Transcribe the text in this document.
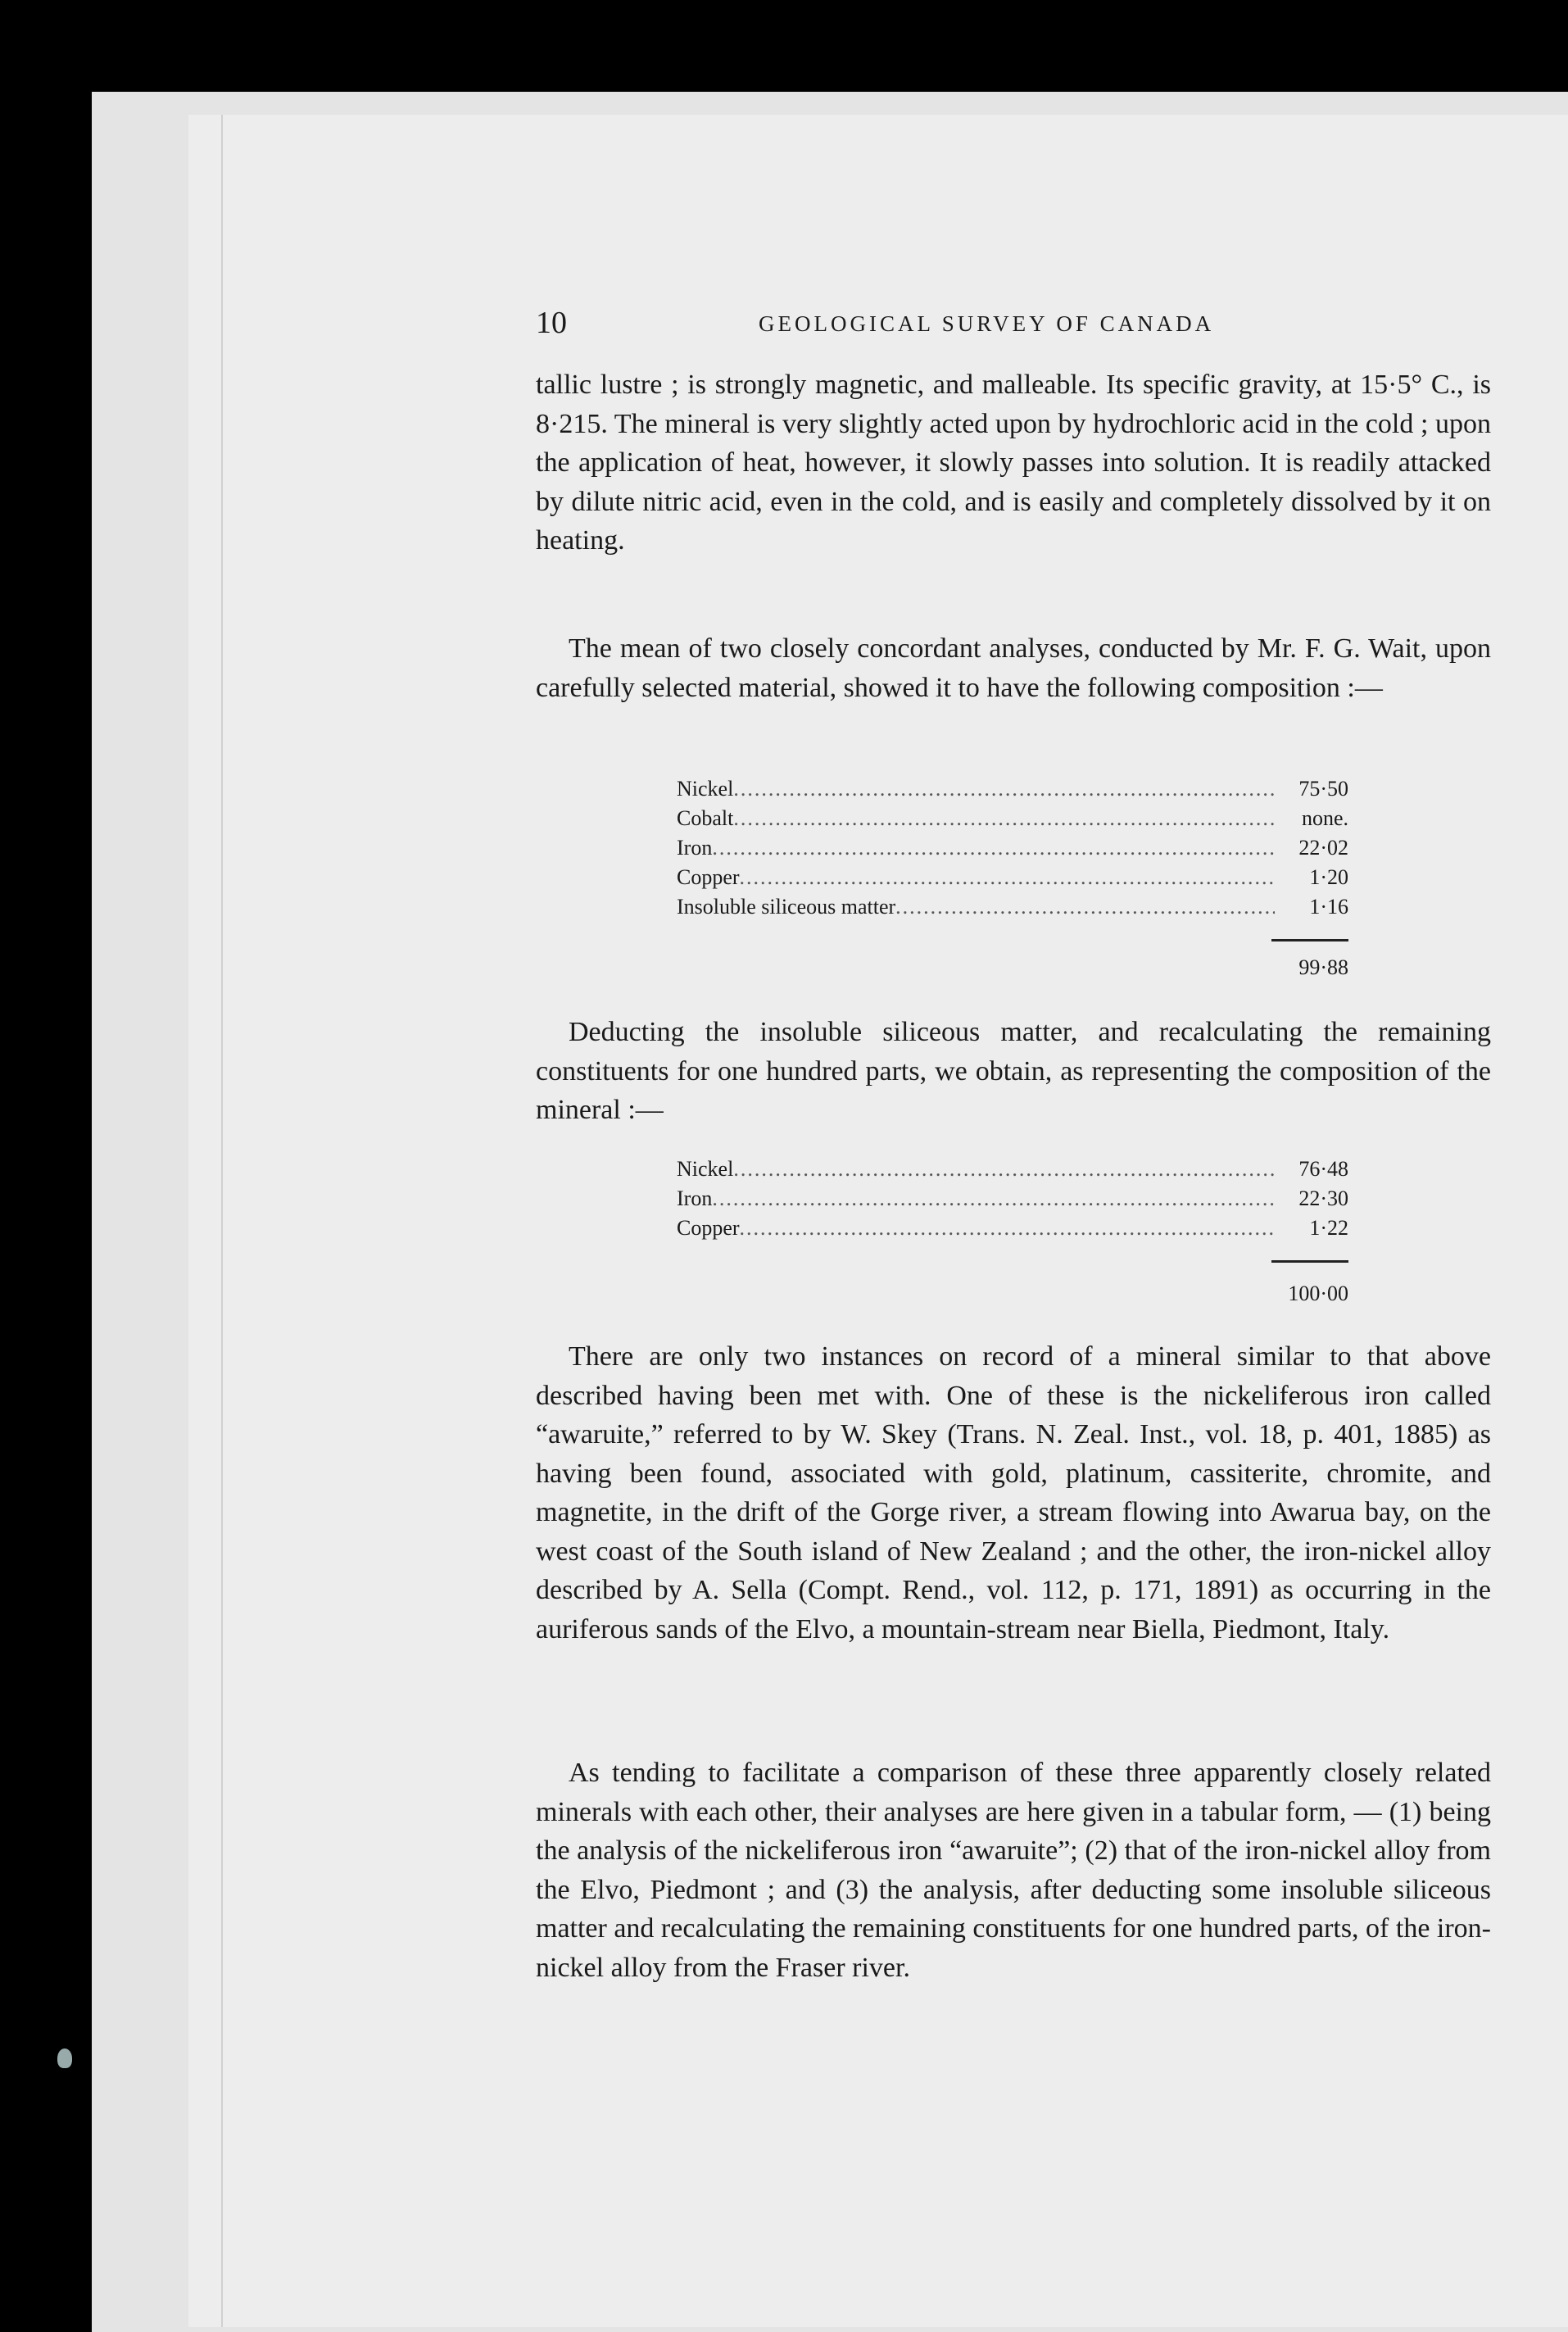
10	GEOLOGICAL SURVEY OF CANADA

tallic lustre ; is strongly magnetic, and malleable. Its specific gravity, at 15·5° C., is 8·215. The mineral is very slightly acted upon by hydrochloric acid in the cold ; upon the application of heat, however, it slowly passes into solution. It is readily attacked by dilute nitric acid, even in the cold, and is easily and completely dissolved by it on heating.

The mean of two closely concordant analyses, conducted by Mr. F. G. Wait, upon carefully selected material, showed it to have the following composition :—

Nickel .....	75·50
Cobalt .....	none.
Iron .....	22·02
Copper .....	1·20
Insoluble siliceous matter .....	1·16
99·88

Deducting the insoluble siliceous matter, and recalculating the remaining constituents for one hundred parts, we obtain, as representing the composition of the mineral :—

Nickel .....	76·48
Iron .....	22·30
Copper .....	1·22
100·00

There are only two instances on record of a mineral similar to that above described having been met with. One of these is the nickeliferous iron called “awaruite,” referred to by W. Skey (Trans. N. Zeal. Inst., vol. 18, p. 401, 1885) as having been found, associated with gold, platinum, cassiterite, chromite, and magnetite, in the drift of the Gorge river, a stream flowing into Awarua bay, on the west coast of the South island of New Zealand ; and the other, the iron-nickel alloy described by A. Sella (Compt. Rend., vol. 112, p. 171, 1891) as occurring in the auriferous sands of the Elvo, a mountain-stream near Biella, Piedmont, Italy.

As tending to facilitate a comparison of these three apparently closely related minerals with each other, their analyses are here given in a tabular form, — (1) being the analysis of the nickeliferous iron “awaruite”; (2) that of the iron-nickel alloy from the Elvo, Piedmont ; and (3) the analysis, after deducting some insoluble siliceous matter and recalculating the remaining constituents for one hundred parts, of the iron-nickel alloy from the Fraser river.
